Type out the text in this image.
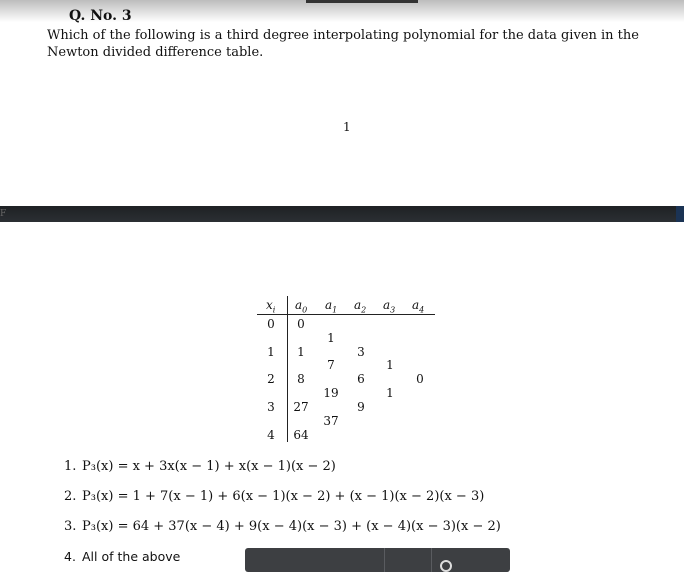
Q. No. 3

Which of the following is a third degree interpolating polynomial for the data given in the Newton divided difference table.

1
F
$x_i$ $a_0$ $a_1$ $a_2$ $a_3$ $a_4$
0
1
2
3
4
0
1
8
27
64
1
7
19
37
3
6
9
1
1
0
1. P₃(x) = x + 3x(x − 1) + x(x − 1)(x − 2)
2. P₃(x) = 1 + 7(x − 1) + 6(x − 1)(x − 2) + (x − 1)(x − 2)(x − 3)
3. P₃(x) = 64 + 37(x − 4) + 9(x − 4)(x − 3) + (x − 4)(x − 3)(x − 2)
4. All of the above
